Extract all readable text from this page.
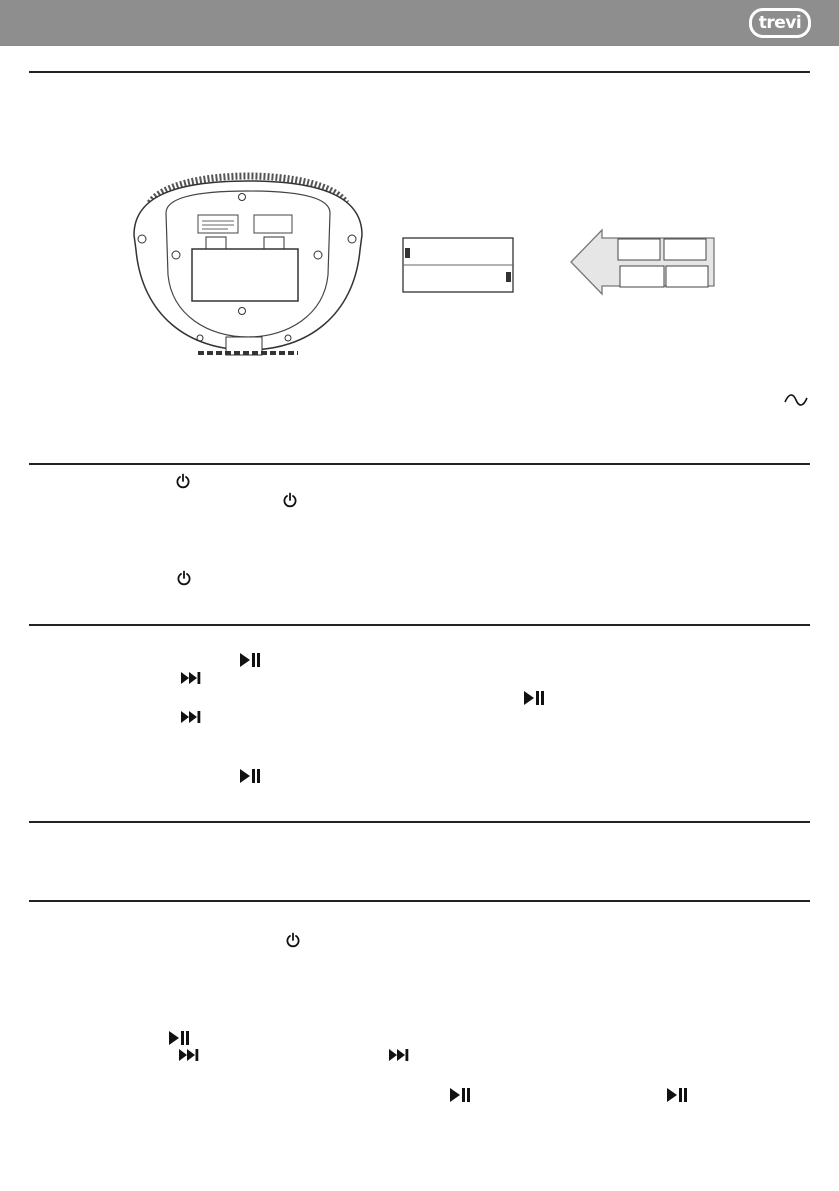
trevi
